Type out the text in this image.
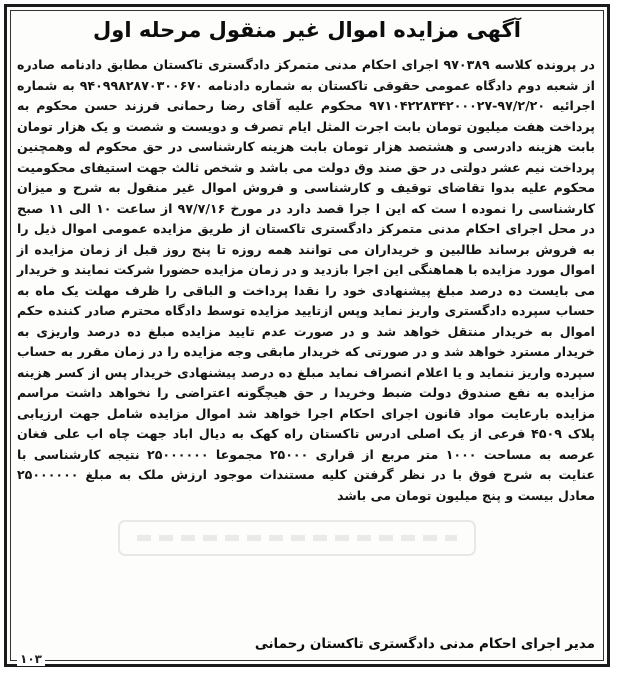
آگهی مزایده اموال غیر منقول مرحله اول

در پرونده کلاسه ۹۷۰۳۸۹ اجرای احکام مدنی متمرکز دادگستری تاکستان مطابق دادنامه صادره از شعبه دوم دادگاه عمومی حقوقی تاکستان به شماره دادنامه ۹۴۰۹۹۸۲۸۷۰۳۰۰۶۷۰ به شماره اجرائیه ۹۷/۲/۲۰-۹۷۱۰۴۲۲۸۳۴۲۰۰۰۲۷ محکوم علیه آقای رضا رحمانی فرزند حسن محکوم به پرداخت هفت میلیون تومان بابت اجرت المثل ایام تصرف و دویست و شصت و یک هزار تومان بابت هزینه دادرسی و هشتصد هزار تومان بابت هزینه کارشناسی در حق محکوم له وهمچنین پرداخت نیم عشر دولتی در حق صند وق دولت می باشد و شخص ثالث جهت استیفای محکومیت محکوم علیه بدوا تقاضای توقیف و کارشناسی و فروش اموال غیر منقول به شرح و میزان کارشناسی را نموده ا ست که این ا جرا قصد دارد در مورخ ۹۷/۷/۱۶ از ساعت ۱۰ الی ۱۱ صبح در محل اجرای احکام مدنی متمرکز دادگستری تاکستان از طریق مزایده عمومی اموال ذیل را به فروش برساند طالبین و خریداران می توانند همه روزه تا پنج روز قبل از زمان مزایده از اموال مورد مزایده با هماهنگی این اجرا بازدید و در زمان مزایده حضورا شرکت نمایند و خریدار می بایست ده درصد مبلغ پیشنهادی خود را نقدا پرداخت و الباقی را ظرف مهلت یک ماه به حساب سپرده دادگستری واریز نماید وپس ازتایید مزایده توسط دادگاه محترم صادر کننده حکم اموال به خریدار منتقل خواهد شد و در صورت عدم تایید مزایده مبلغ ده درصد واریزی به خریدار مسترد خواهد شد و در صورتی که خریدار مابقی وجه مزایده را در زمان مقرر به حساب سپرده واریز ننماید و یا اعلام انصراف نماید مبلغ ده درصد پیشنهادی خریدار پس از کسر هزینه مزایده به نفع صندوق دولت ضبط وخریدا ر حق هیچگونه اعتراضی را نخواهد داشت مراسم مزایده بارعایت مواد قانون اجرای احکام اجرا خواهد شد اموال مزایده شامل جهت ارزیابی پلاک ۴۵۰۹ فرعی از یک اصلی ادرس تاکستان راه کهک به دیال اباد جهت چاه اب علی فغان عرصه به مساحت ۱۰۰۰ متر مربع از قراری ۲۵۰۰۰ مجموعا ۲۵۰۰۰۰۰۰ نتیجه کارشناسی با عنایت به شرح فوق با در نظر گرفتن کلیه مستندات موجود ارزش ملک به مبلغ ۲۵۰۰۰۰۰۰ معادل بیست و پنج میلیون تومان می باشد

مدیر اجرای احکام مدنی دادگستری تاکستان رحمانی

۱۰۳
